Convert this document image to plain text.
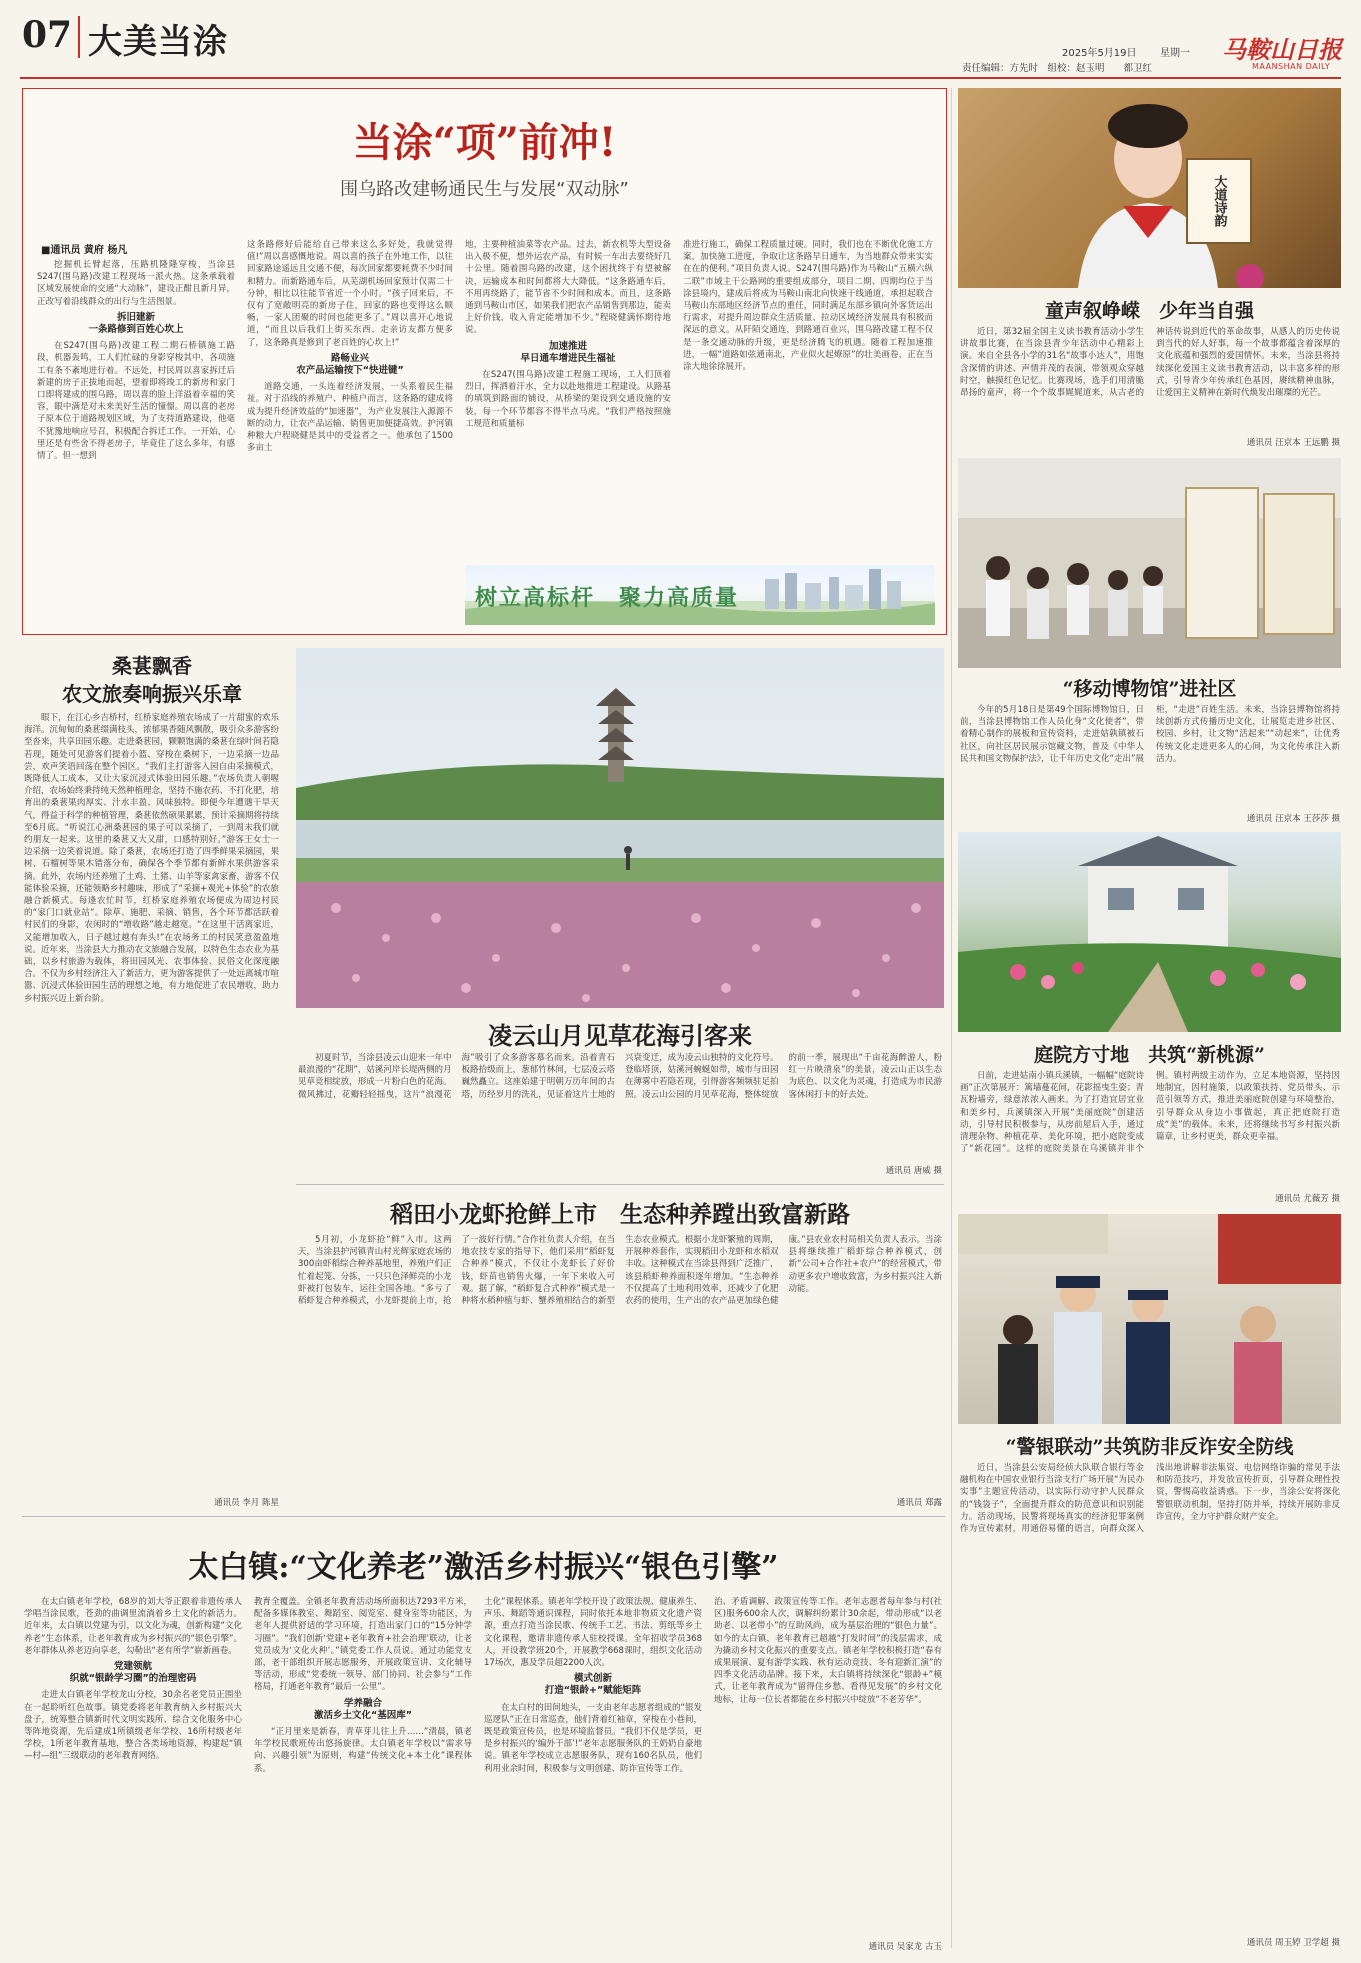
07 大美当涂	2025年5月19日 星期一
责任编辑：方先时　组校：赵玉明　　都卫红
马鞍山日报
MAANSHAN DAILY
当涂“项”前冲!
围乌路改建畅通民生与发展“双动脉”
■通讯员 黄府 杨凡

挖掘机长臂起落，压路机隆隆穿梭，当涂县S247(围乌路)改建工程现场一派火热。这条承载着区域发展使命的交通“大动脉”，建设正酣且新月异，正改写着沿线群众的出行与生活图景。

拆旧建新
一条路修到百姓心坎上

在S247(围乌路)改建工程二期石桥镇施工路段，机器轰鸣，工人们忙碌的身影穿梭其中，各项施工有条不紊地进行着。不远处，村民周以喜家拆迁后新建的房子正拔地而起，望着即将竣工的新房和家门口即将建成的围乌路，周以喜的脸上洋溢着幸福的笑容，眼中满是对未来美好生活的憧憬。周以喜的老房子原本位于道路规划区域，为了支持道路建设，他毫不犹豫地响应号召，积极配合拆迁工作。一开始，心里还是有些舍不得老房子，毕竟住了这么多年，有感情了。但一想到

这条路修好后能给自己带来这么多好处，我就觉得值!”周以喜感慨地说。周以喜的孩子在外地工作，以往回家路途遥远且交通不便，每次回家都要耗费不少时间和精力。而新路通车后，从芜湖机场回家预计仅需二十分钟，相比以往能节省近一个小时。“孩子回来后，不仅有了宽敞明亮的新房子住，回家的路也变得这么顺畅，一家人团聚的时间也能更多了。”周以喜开心地说道，“而且以后我们上街买东西、走亲访友都方便多了，这条路真是修到了老百姓的心坎上!”

路畅业兴
农产品运输按下“快进键”

道路交通，一头连着经济发展，一头系着民生福祉。对于沿线的养殖户、种植户而言，这条路的建成将成为提升经济效益的“加速器”，为产业发展注入源源不断的动力，让农产品运输、销售更加便捷高效。护河镇种粮大户程晓健是其中的受益者之一。他承包了1500多亩土

地，主要种植油菜等农产品。过去，新农机等大型设备出入极不便，想外运农产品，有时候一车出去要绕好几十公里。随着围乌路的改建，这个困扰终于有望被解决，运输成本和时间都将大大降低。“这条路通车后，不用再绕路了，能节省不少时间和成本。而且，这条路通到马鞍山市区，如果我们把农产品销售到那边，能卖上好价钱，收入肯定能增加不少。”程晓健满怀期待地说。

加速推进
早日通车增进民生福祉

在S247(围乌路)改建工程施工现场，工人们顶着烈日，挥洒着汗水，全力以赴地推进工程建设。从路基的填筑到路面的铺设，从桥梁的架设到交通设施的安装，每一个环节都容不得半点马虎。“我们严格按照施工规范和质量标

准进行施工，确保工程质量过硬。同时，我们也在不断优化施工方案，加快施工进度，争取让这条路早日通车，为当地群众带来实实在在的便利。”项目负责人说。S247(围乌路)作为马鞍山“五横六纵二联”市域主干公路网的重要组成部分，项目二期、四期均位于当涂县境内，建成后将成为马鞍山南北向快速干线通道，承担起联合马鞍山东部地区经济节点的重任，同时满足东部乡镇向外客货运出行需求，对提升周边群众生活质量、拉动区域经济发展具有积极而深远的意义。从阡陌交通连，到路通百业兴，围乌路改建工程不仅是一条交通动脉的升级，更是经济腾飞的机遇。随着工程加速推进，一幅“道路如弦通南北，产业似火起燎原”的壮美画卷，正在当涂大地徐徐展开。

树立高标杆　聚力高质量
大道诗韵
童声叙峥嵘　少年当自强

近日，第32届全国主义读书教育活动小学生讲故事比赛，在当涂县青少年活动中心精彩上演。来自全县各小学的31名“故事小达人”，用饱含深情的讲述、声情并茂的表演，带领观众穿越时空，触摸红色记忆。比赛现场，选手们用清脆昂扬的童声，将一个个故事娓娓道来，从古老的神话传说到近代的革命故事，从感人的历史传说到当代的好人好事，每一个故事都蕴含着深厚的文化底蕴和强烈的爱国情怀。未来，当涂县将持续深化爱国主义读书教育活动，以丰富多样的形式，引导青少年传承红色基因，赓续精神血脉，让爱国主义精神在新时代焕发出璀璨的光芒。

通讯员 汪京本 王远鹏 摄
“移动博物馆”进社区

今年的5月18日是第49个国际博物馆日，日前，当涂县博物馆工作人员化身“文化使者”，带着精心制作的展板和宣传资料，走进姑孰镇被石社区，向社区居民展示馆藏文物，普及《中华人民共和国文物保护法》，让千年历史文化“走出”展柜，“走进”百姓生活。未来，当涂县博物馆将持续创新方式传播历史文化，让展览走进乡社区、校园、乡村，让文物“活起来”“动起来”，让优秀传统文化走进更多人的心间，为文化传承注入新活力。

通讯员 汪京本 王莎莎 摄
庭院方寸地　共筑“新桃源”

日前，走进姑南小镇兵溪镇，一幅幅“庭院诗画”正次第展开：篱墙蔓花间，花影摇曳生姿；青瓦粉墙旁，绿意浓浓入画来。为了打造宜居宜业和美乡村，兵溪镇深入开展“美丽庭院”创建活动，引导村民积极参与，从房前屋后入手，通过清理杂物、种植花草、美化环境，把小庭院变成了“新花园”。这样的庭院美景在乌溪镇并非个例。镇村两级主动作为，立足本地资源，坚持因地制宜，因村施策，以政策扶持、党员带头、示范引领等方式，推进美丽庭院创建与环境整治，引导群众从身边小事做起，真正把庭院打造成“美”的载体。未来，还将继续书写乡村振兴新篇章，让乡村更美，群众更幸福。

通讯员 尤薇芳 摄
“警银联动”共筑防非反诈安全防线

近日，当涂县公安局经侦大队联合银行等金融机构在中国农业银行当涂支行广场开展“为民办实事”主题宣传活动，以实际行动守护人民群众的“钱袋子”，全面提升群众的防范意识和识别能力。活动现场，民警将现场真实的经济犯罪案例作为宣传素材，用通俗易懂的语言，向群众深入浅出地讲解非法集资、电信网络诈骗的常见手法和防范技巧，并发放宣传折页，引导群众理性投资，警惕高收益诱惑。下一步，当涂公安将深化警银联动机制，坚持打防并举，持续开展防非反诈宣传，全力守护群众财产安全。

通讯员 周玉婷 卫学超 摄
桑葚飘香
农文旅奏响振兴乐章

眼下，在江心乡吉桥村，红桥家庭养殖农场成了一片甜蜜的欢乐海洋。沉甸甸的桑葚缀满枝头，浓郁果香随风飘散，吸引众多游客纷至沓来，共享田园乐趣。走进桑葚园，颗颗饱满的桑葚在绿叶间若隐若现，随处可见游客们提着小篮、穿梭在桑树下，一边采摘一边品尝，欢声笑语回荡在整个园区。“我们主打游客入园自由采摘模式，既降低人工成本，又让大家沉浸式体验田园乐趣。”农场负责人朝喔介绍，农场始终秉持纯天然种植理念，坚持不施农药、不打化肥，培育出的桑葚果肉厚实、汁水丰盈、风味独特。即便今年遭遇干旱天气，得益于科学的种植管理，桑葚依然硕果累累，预计采摘期将持续至6月底。“听说江心洲桑葚园的果子可以采摘了，一到周末我们就约朋友一起来。这里的桑葚又大又甜，口感特别好。”游客王女士一边采摘一边笑着说道。除了桑葚，农场还打造了四季鲜果采摘园，果树、石榴树等果木错落分布，确保各个季节都有新鲜水果供游客采摘。此外，农场内还养殖了土鸡、土猪、山羊等家禽家畜，游客不仅能体验采摘，还能领略乡村趣味，形成了“采摘+观光+体验”的农旅融合新模式。每逢农忙时节，红桥家庭养殖农场便成为周边村民的“家门口就业站”。除草、施肥、采摘、销售，各个环节都活跃着村民们的身影，农闲时的“增收路”越走越宽。“在这里干活离家近，又能增加收入，日子越过越有奔头!”在农场务工的村民笑意盈盈地说。近年来，当涂县大力推动农文旅融合发展，以特色生态农业为基础，以乡村旅游为载体，将田园风光、农事体验、民俗文化深度融合。不仅为乡村经济注入了新活力，更为游客提供了一处远离城市喧嚣、沉浸式体验田园生活的理想之地，有力地促进了农民增收，助力乡村振兴迈上新台阶。

通讯员 李月 陈星
凌云山月见草花海引客来

初夏时节，当涂县凌云山迎来一年中最浪漫的“花期”，姑溪河岸长堤两侧的月见草竞相绽放，形成一片粉白色的花海。微风拂过，花瓣轻轻摇曳，这片“浪漫花海”吸引了众多游客慕名而来。沿着青石板路拾级而上，葱郁竹林间，七层凌云塔巍然矗立。这座始建于明朝万历年间的古塔，历经岁月的洗礼，见证着这片土地的兴衰变迁，成为凌云山独特的文化符号。登临塔顶，姑溪河蜿蜒如带，城市与田园在薄雾中若隐若现，引得游客频频驻足拍照。凌云山公园的月见草花海，整体绽放的前一季，展现出“千亩花海醉游人，粉红一片映清泉”的美景，凌云山正以生态为底色、以文化为灵魂，打造成为市民游客休闲打卡的好去处。

通讯员 唐威 摄
稻田小龙虾抢鲜上市　生态种养蹚出致富新路

5月初，小龙虾抢“鲜”入市。这两天，当涂县护河镇青山村光辉家庭农场的300亩虾稻综合种养基地里，养殖户们正忙着起笼、分拣，一只只色泽鲜亮的小龙虾被打包装车，运往全国各地。“多亏了稻虾复合种养模式，小龙虾提前上市，抢了一波好行情。”合作社负责人介绍，在当地农技专家的指导下，他们采用“稻虾复合种养”模式，不仅让小龙虾长了好价钱，虾苗也销售火爆，一年下来收入可观。据了解，“稻虾复合式种养”模式是一种将水稻种植与虾、蟹养殖相结合的新型生态农业模式。根据小龙虾繁殖的周期，开展种养套作，实现稻田小龙虾和水稻双丰收。这种模式在当涂县得到广泛推广，该县稻虾种养面积逐年增加。“生态种养不仅提高了土地利用效率，还减少了化肥农药的使用，生产出的农产品更加绿色健康。”县农业农村局相关负责人表示。当涂县将继续推广稻虾综合种养模式，创新“公司+合作社+农户”的经营模式，带动更多农户增收致富，为乡村振兴注入新动能。

通讯员 郑露
太白镇:“文化养老”激活乡村振兴“银色引擎”

在太白镇老年学校，68岁的刘大爷正跟着非遗传承人学唱当涂民歌，苍劲的曲调里流淌着乡土文化的新活力。近年来，太白镇以党建为引，以文化为魂，创新构建“文化养老”生态体系，让老年教育成为乡村振兴的“银色引擎”。老年群体从养老迈向享老，勾勒出“老有所学”崭新画卷。

党建领航
织就“银龄学习圈”的治理密码

走进太白镇老年学校龙山分校，30余名老党员正围坐在一起聆听红色故事。镇党委将老年教育纳入乡村振兴大盘子，统筹整合镇新时代文明实践所、综合文化服务中心等阵地资源，先后建成1所镇级老年学校、16所村级老年学校，1所老年教育基地，整合各类场地资源，构建起“镇—村—组”三级联动的老年教育网络。

教育全覆盖。全镇老年教育活动场所面积达7293平方米，配备多媒体教室、舞蹈室、阅览室、健身室等功能区，为老年人提供舒适的学习环境，打造出家门口的“15分钟学习圈”。“我们创新‘党建+老年教育+社会治理’联动，让老党员成为‘文化火种’。”镇党委工作人员说。通过功能党支部，老干部组织开展志愿服务，开展政策宣讲、文化辅导等活动，形成“党委统一领导、部门协同、社会参与”工作格局，打通老年教育“最后一公里”。

学养融合
激活乡土文化“基因库”

“正月里来是新春，青草芽儿往上升……”清晨，镇老年学校民歌班传出悠扬旋律。太白镇老年学校以“需求导向、兴趣引领”为原则，构建“传统文化+本土化”课程体系。

土化”课程体系。镇老年学校开设了政策法规、健康养生、声乐、舞蹈等通识课程，同时依托本地非物质文化遗产资源，重点打造当涂民歌、传统手工艺、书法、剪纸等乡土文化课程，邀请非遗传承人驻校授课。全年招收学员368人，开设教学班20个，开展教学668课时，组织文化活动17场次，惠及学员超2200人次。

模式创新
打造“银龄+”赋能矩阵

在太白村的田间地头，一支由老年志愿者组成的“银发巡逻队”正在日常巡查，他们背着红袖章，穿梭在小巷间，既是政策宣传员，也是环境监督员。“我们不仅是学员，更是乡村振兴的‘编外干部’!”老年志愿服务队的王奶奶自豪地说。镇老年学校成立志愿服务队，现有160名队员，他们利用业余时间，积极参与文明创建、防诈宣传等工作。

治、矛盾调解、政策宣传等工作。老年志愿者每年参与村(社区)服务600余人次，调解纠纷累计30余起，带动形成“以老助老、以老带小”的互助风尚，成为基层治理的“银色力量”。如今的太白镇，老年教育已超越“打发时间”的浅层需求，成为撬动乡村文化振兴的重要支点。镇老年学校积极打造“春有成果展演、夏有游学实践、秋有运动竞技、冬有迎新汇演”的四季文化活动品牌。接下来，太白镇将持续深化“银龄+”模式，让老年教育成为“留得住乡愁、看得见发展”的乡村文化地标，让每一位长者都能在乡村振兴中绽放“不老芳华”。

通讯员 吴家龙 古玉
